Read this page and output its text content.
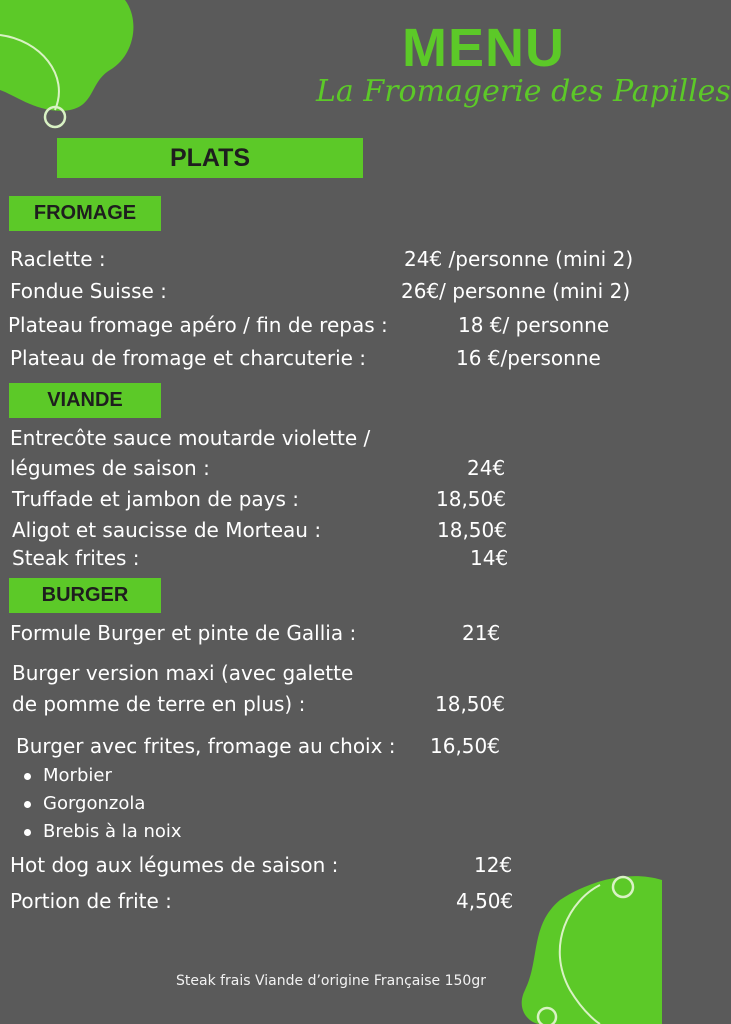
MENU
La Fromagerie des Papilles
PLATS
FROMAGE
Raclette :	24€ /personne (mini 2)
Fondue Suisse :	26€/ personne (mini 2)
Plateau fromage apéro / fin de repas :	18 €/ personne
Plateau de fromage et charcuterie :	16 €/personne
VIANDE
Entrecôte sauce moutarde violette /
légumes de saison :	24€
Truffade et jambon de pays :	18,50€
Aligot et saucisse de Morteau :	18,50€
Steak frites :	14€
BURGER
Formule Burger et pinte de Gallia :	21€
Burger version maxi (avec galette
de pomme de terre en plus) :	18,50€
Burger avec frites, fromage au choix : 16,50€
Morbier
Gorgonzola
Brebis à la noix
Hot dog aux légumes de saison :	12€
Portion de frite :	4,50€
Steak frais Viande d’origine Française 150gr
